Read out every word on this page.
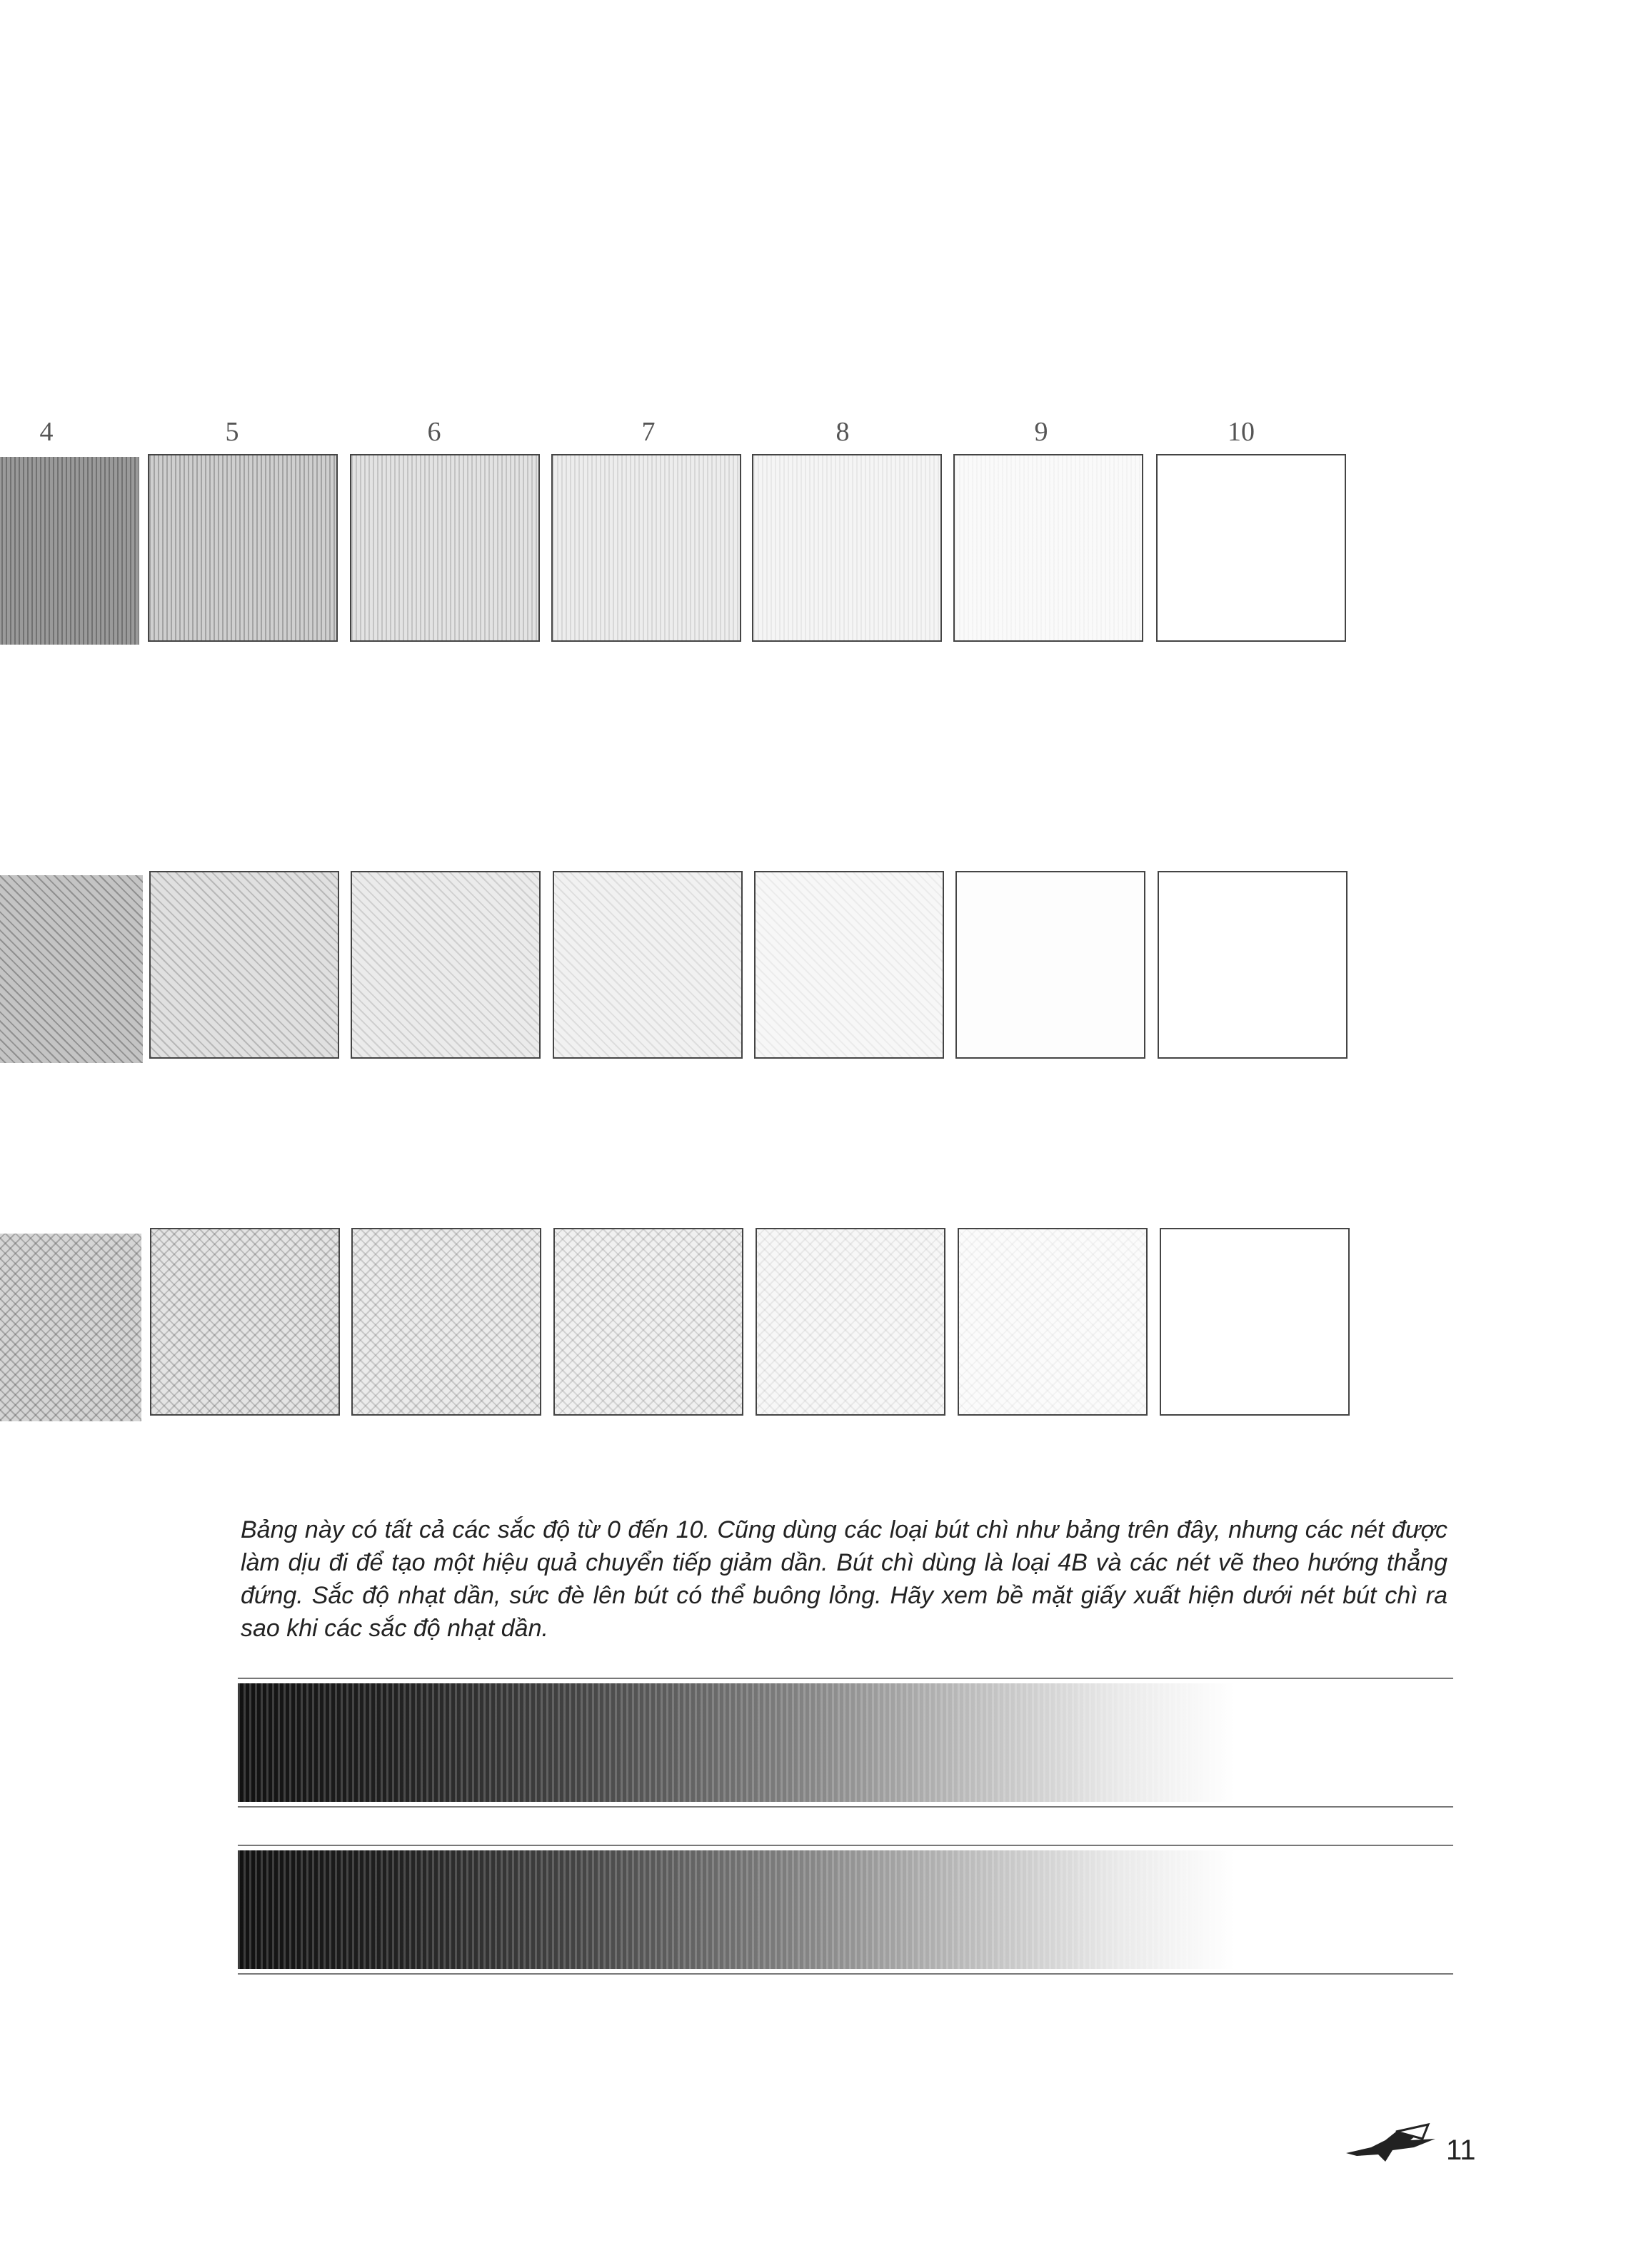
4	5	6	7	8	9	10
Bảng này có tất cả các sắc độ từ 0 đến 10. Cũng dùng các loại bút chì như bảng trên đây, nhưng các nét được làm dịu đi để tạo một hiệu quả chuyển tiếp giảm dần. Bút chì dùng là loại 4B và các nét vẽ theo hướng thẳng đứng. Sắc độ nhạt dần, sức đè lên bút có thể buông lỏng. Hãy xem bề mặt giấy xuất hiện dưới nét bút chì ra sao khi các sắc độ nhạt dần.
11
